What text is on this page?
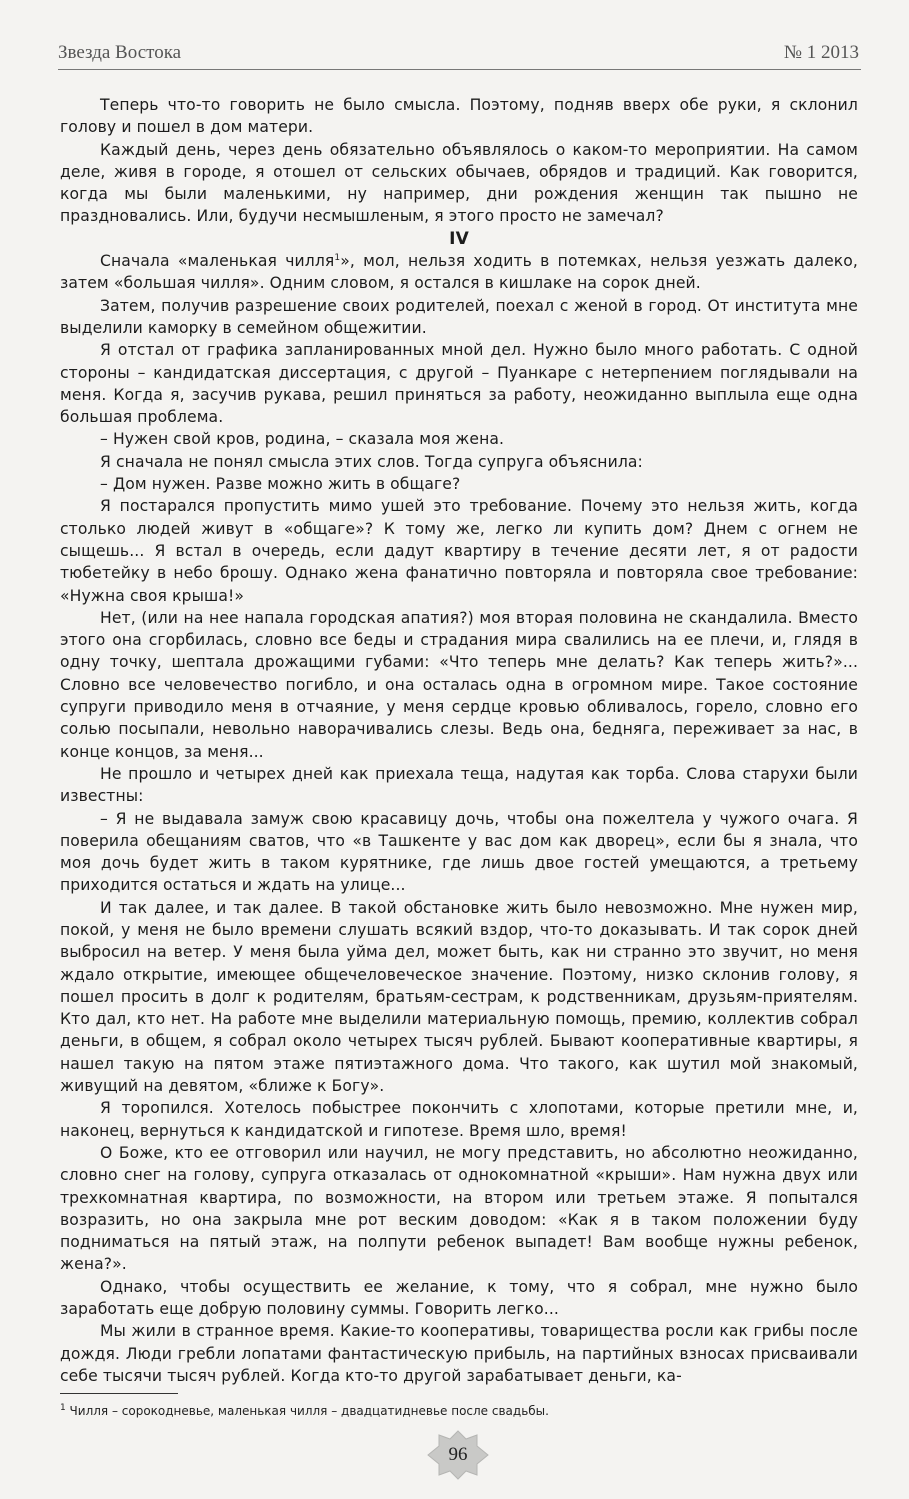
Звезда Востока	№ 1 2013

Теперь что-то говорить не было смысла. Поэтому, подняв вверх обе руки, я склонил голову и пошел в дом матери.

Каждый день, через день обязательно объявлялось о каком-то мероприятии. На самом деле, живя в городе, я отошел от сельских обычаев, обрядов и традиций. Как говорится, когда мы были маленькими, ну например, дни рождения женщин так пышно не праздновались. Или, будучи несмышленым, я этого просто не замечал?

IV

Сначала «маленькая чилля$^1$», мол, нельзя ходить в потемках, нельзя уезжать далеко, затем «большая чилля». Одним словом, я остался в кишлаке на сорок дней.

Затем, получив разрешение своих родителей, поехал с женой в город. От института мне выделили каморку в семейном общежитии.

Я отстал от графика запланированных мной дел. Нужно было много работать. С одной стороны – кандидатская диссертация, с другой – Пуанкаре с нетерпением поглядывали на меня. Когда я, засучив рукава, решил приняться за работу, неожиданно выплыла еще одна большая проблема.

– Нужен свой кров, родина, – сказала моя жена.

Я сначала не понял смысла этих слов. Тогда супруга объяснила:

– Дом нужен. Разве можно жить в общаге?

Я постарался пропустить мимо ушей это требование. Почему это нельзя жить, когда столько людей живут в «общаге»? К тому же, легко ли купить дом? Днем с огнем не сыщешь... Я встал в очередь, если дадут квартиру в течение десяти лет, я от радости тюбетейку в небо брошу. Однако жена фанатично повторяла и повторяла свое требование: «Нужна своя крыша!»

Нет, (или на нее напала городская апатия?) моя вторая половина не скандалила. Вместо этого она сгорбилась, словно все беды и страдания мира свалились на ее плечи, и, глядя в одну точку, шептала дрожащими губами: «Что теперь мне делать? Как теперь жить?»... Словно все человечество погибло, и она осталась одна в огромном мире. Такое состояние супруги приводило меня в отчаяние, у меня сердце кровью обливалось, горело, словно его солью посыпали, невольно наворачивались слезы. Ведь она, бедняга, переживает за нас, в конце концов, за меня...

Не прошло и четырех дней как приехала теща, надутая как торба. Слова старухи были известны:

– Я не выдавала замуж свою красавицу дочь, чтобы она пожелтела у чужого очага. Я поверила обещаниям сватов, что «в Ташкенте у вас дом как дворец», если бы я знала, что моя дочь будет жить в таком курятнике, где лишь двое гостей умещаются, а третьему приходится остаться и ждать на улице...

И так далее, и так далее. В такой обстановке жить было невозможно. Мне нужен мир, покой, у меня не было времени слушать всякий вздор, что-то доказывать. И так сорок дней выбросил на ветер. У меня была уйма дел, может быть, как ни странно это звучит, но меня ждало открытие, имеющее общечеловеческое значение. Поэтому, низко склонив голову, я пошел просить в долг к родителям, братьям-сестрам, к родственникам, друзьям-приятелям. Кто дал, кто нет. На работе мне выделили материальную помощь, премию, коллектив собрал деньги, в общем, я собрал около четырех тысяч рублей. Бывают кооперативные квартиры, я нашел такую на пятом этаже пятиэтажного дома. Что такого, как шутил мой знакомый, живущий на девятом, «ближе к Богу».

Я торопился. Хотелось побыстрее покончить с хлопотами, которые претили мне, и, наконец, вернуться к кандидатской и гипотезе. Время шло, время!

О Боже, кто ее отговорил или научил, не могу представить, но абсолютно неожиданно, словно снег на голову, супруга отказалась от однокомнатной «крыши». Нам нужна двух или трехкомнатная квартира, по возможности, на втором или третьем этаже. Я попытался возразить, но она закрыла мне рот веским доводом: «Как я в таком положении буду подниматься на пятый этаж, на полпути ребенок выпадет! Вам вообще нужны ребенок, жена?».

Однако, чтобы осуществить ее желание, к тому, что я собрал, мне нужно было заработать еще добрую половину суммы. Говорить легко...

Мы жили в странное время. Какие-то кооперативы, товарищества росли как грибы после дождя. Люди гребли лопатами фантастическую прибыль, на партийных взносах присваивали себе тысячи тысяч рублей. Когда кто-то другой зарабатывает деньги, ка-

$^1$ Чилля – сорокодневье, маленькая чилля – двадцатидневье после свадьбы.
96
